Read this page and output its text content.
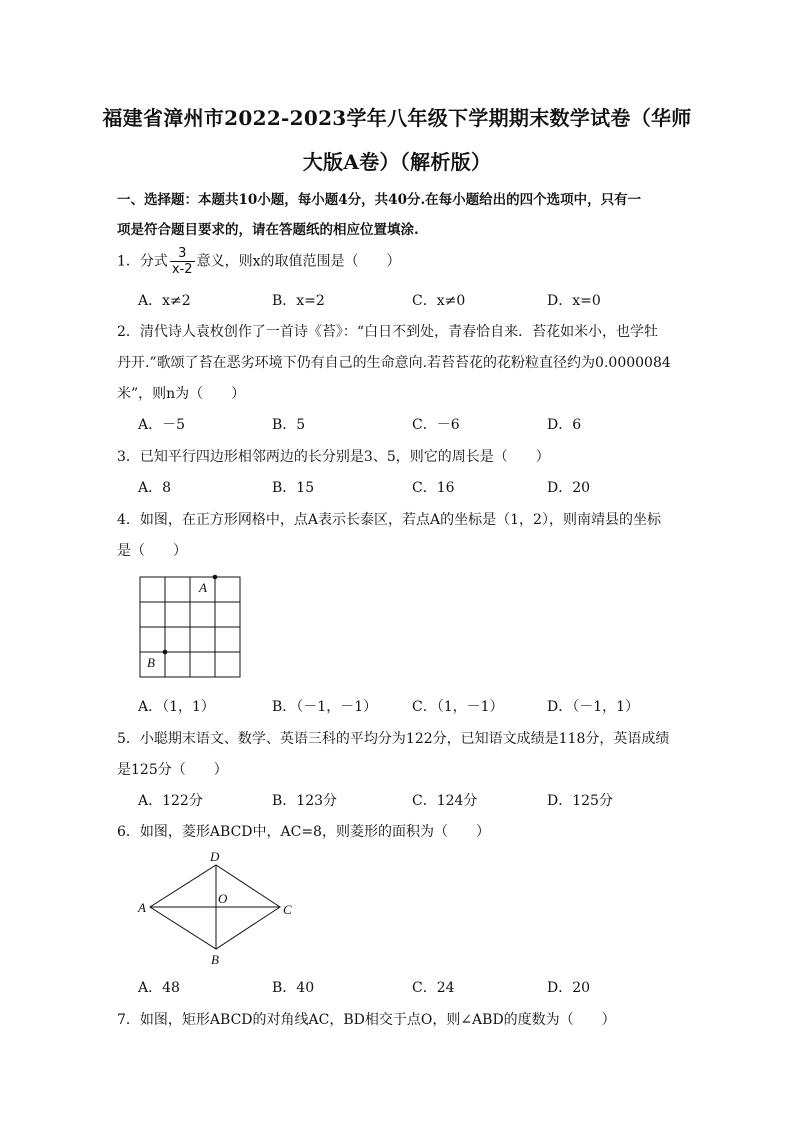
福建省漳州市2022-2023学年八年级下学期期末数学试卷（华师
大版A卷）（解析版）
一、选择题：本题共10小题，每小题4分，共40分.在每小题给出的四个选项中，只有一
项是符合题目要求的，请在答题纸的相应位置填涂.
1．分式 $\frac{3}{x-2}$ 意义，则x的取值范围是（　　）
A．x≠2	B．x=2	C．x≠0	D．x=0
2．清代诗人袁枚创作了一首诗《苔》：“白日不到处，青春恰自来．苔花如米小，也学牡
丹开.”歌颂了苔在恶劣环境下仍有自己的生命意向.若苔苔花的花粉粒直径约为0.0000084
米”，则n为（　　）
A．－5	B．5	C．－6	D．6
3．已知平行四边形相邻两边的长分别是3、5，则它的周长是（　　）
A．8	B．15	C．16	D．20
4．如图，在正方形网格中，点A表示长泰区，若点A的坐标是（1，2），则南靖县的坐标
是（　　）
A
B
A．（1，1）	B．（－1，－1） C．（1，－1）	D．（－1，1）
5．小聪期末语文、数学、英语三科的平均分为122分，已知语文成绩是118分，英语成绩
是125分（　　）
A．122分	B．123分	C．124分	D．125分
6．如图，菱形ABCD中，AC=8，则菱形的面积为（　　）
D
A	C
B
O
A．48	B．40	C．24	D．20
7．如图，矩形ABCD的对角线AC，BD相交于点O，则∠ABD的度数为（　　）
